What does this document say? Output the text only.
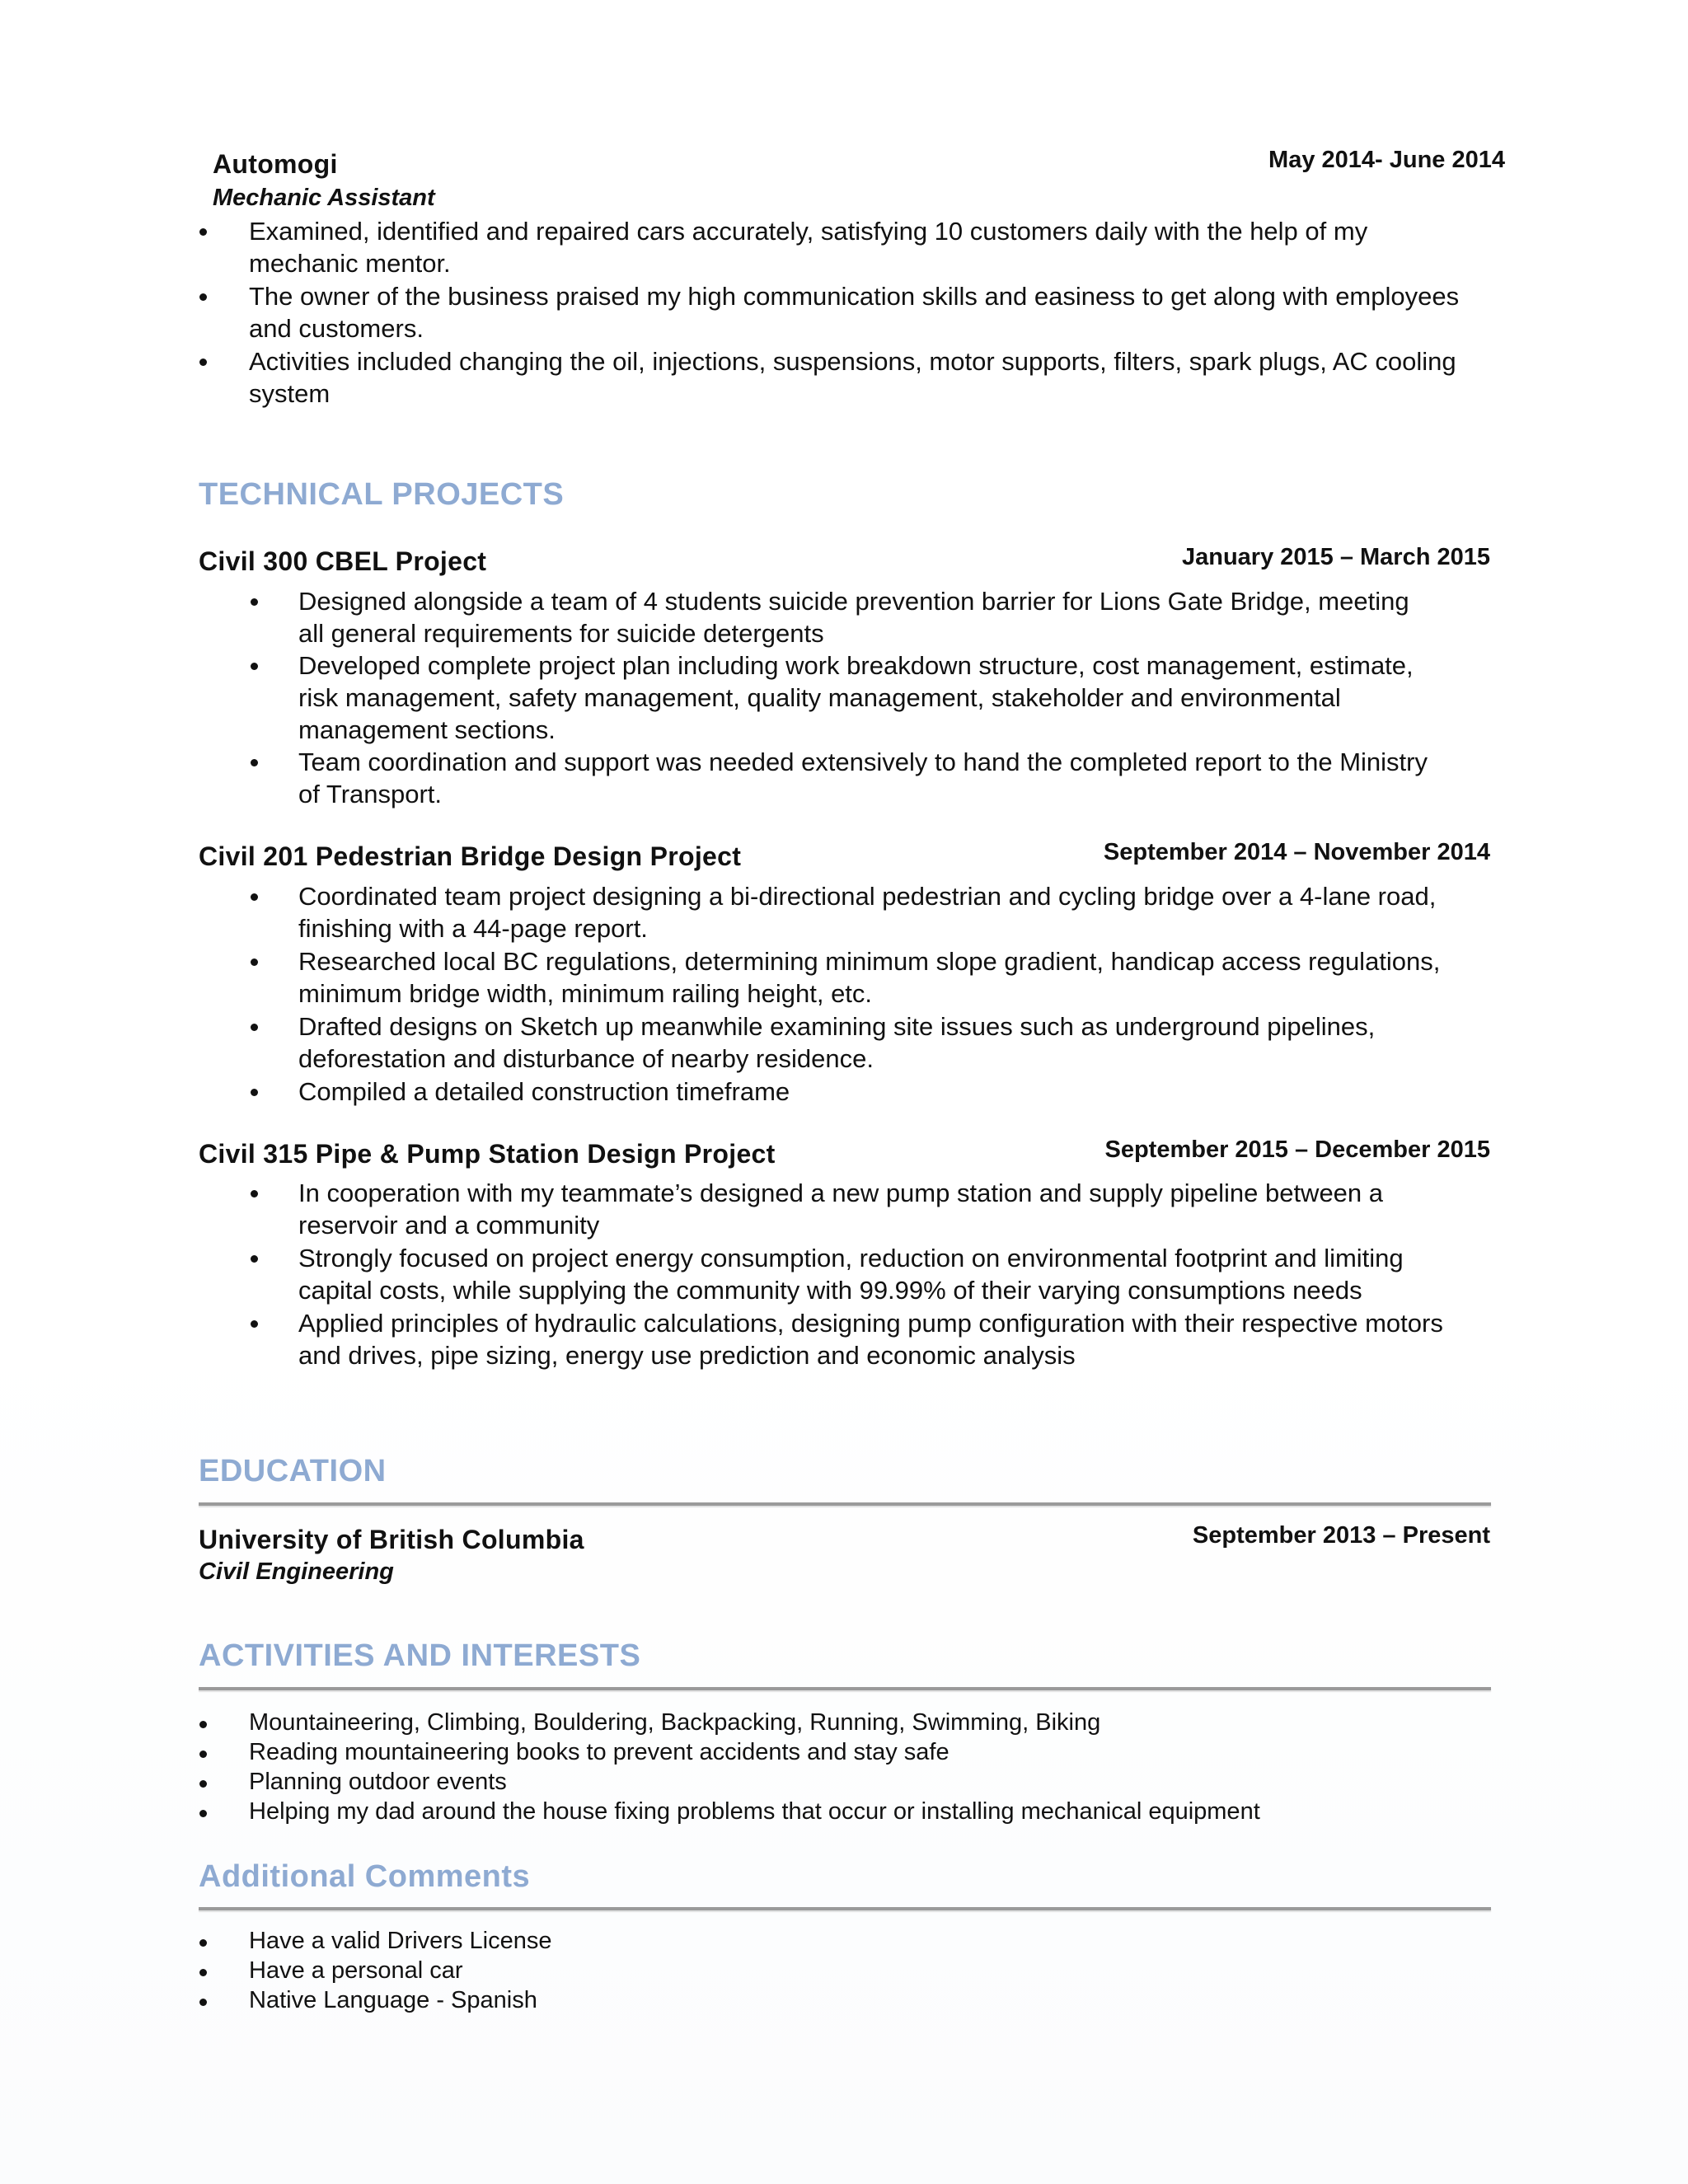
Automogi	May 2014- June 2014
Mechanic Assistant
Examined, identified and repaired cars accurately, satisfying 10 customers daily with the help of my mechanic mentor.
The owner of the business praised my high communication skills and easiness to get along with employees and customers.
Activities included changing the oil, injections, suspensions, motor supports, filters, spark plugs, AC cooling system
TECHNICAL PROJECTS
Civil 300 CBEL Project	January 2015 – March 2015
Designed alongside a team of 4 students suicide prevention barrier for Lions Gate Bridge, meeting all general requirements for suicide detergents
Developed complete project plan including work breakdown structure, cost management, estimate, risk management, safety management, quality management, stakeholder and environmental management sections.
Team coordination and support was needed extensively to hand the completed report to the Ministry of Transport.
Civil 201 Pedestrian Bridge Design Project	September 2014 – November 2014
Coordinated team project designing a bi-directional pedestrian and cycling bridge over a 4-lane road, finishing with a 44-page report.
Researched local BC regulations, determining minimum slope gradient, handicap access regulations, minimum bridge width, minimum railing height, etc.
Drafted designs on Sketch up meanwhile examining site issues such as underground pipelines, deforestation and disturbance of nearby residence.
Compiled a detailed construction timeframe
Civil 315 Pipe & Pump Station Design Project	September 2015 – December 2015
In cooperation with my teammate’s designed a new pump station and supply pipeline between a reservoir and a community
Strongly focused on project energy consumption, reduction on environmental footprint and limiting capital costs, while supplying the community with 99.99% of their varying consumptions needs
Applied principles of hydraulic calculations, designing pump configuration with their respective motors and drives, pipe sizing, energy use prediction and economic analysis
EDUCATION
University of British Columbia	September 2013 – Present
Civil Engineering
ACTIVITIES AND INTERESTS
Mountaineering, Climbing, Bouldering, Backpacking, Running, Swimming, Biking
Reading mountaineering books to prevent accidents and stay safe
Planning outdoor events
Helping my dad around the house fixing problems that occur or installing mechanical equipment
Additional Comments
Have a valid Drivers License
Have a personal car
Native Language - Spanish
